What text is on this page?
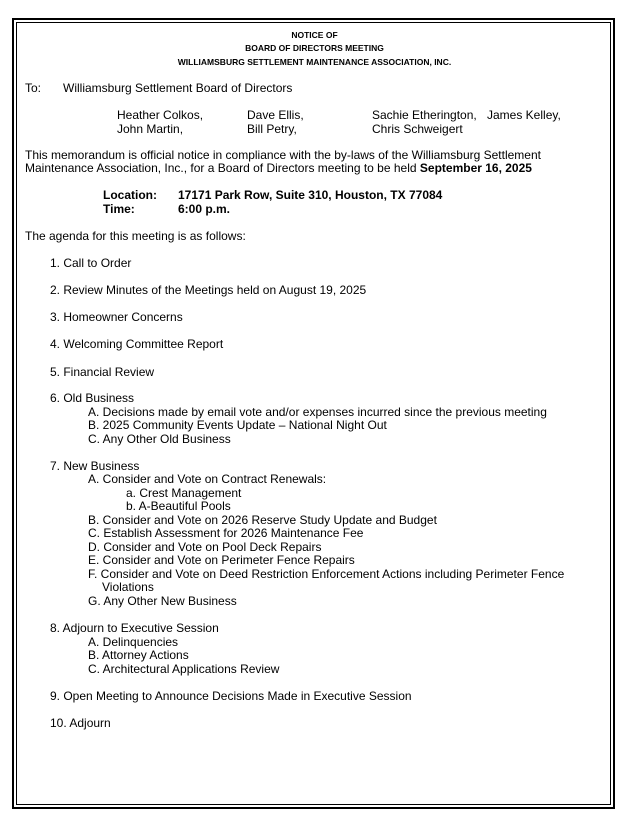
NOTICE OF
BOARD OF DIRECTORS MEETING
WILLIAMSBURG SETTLEMENT MAINTENANCE ASSOCIATION, INC.
To: Williamsburg Settlement Board of Directors
Heather Colkos,
John Martin,
Dave Ellis,
Bill Petry,
Sachie Etherington,
Chris Schweigert
James Kelley,
This memorandum is official notice in compliance with the by-laws of the Williamsburg Settlement
Maintenance Association, Inc., for a Board of Directors meeting to be held September 16, 2025
Location: 17171 Park Row, Suite 310, Houston, TX 77084
Time:	6:00 p.m.
The agenda for this meeting is as follows:
1. Call to Order
2. Review Minutes of the Meetings held on August 19, 2025
3. Homeowner Concerns
4. Welcoming Committee Report
5. Financial Review
6. Old Business
A. Decisions made by email vote and/or expenses incurred since the previous meeting
B. 2025 Community Events Update – National Night Out
C. Any Other Old Business
7. New Business
A. Consider and Vote on Contract Renewals:
a. Crest Management
b. A-Beautiful Pools
B. Consider and Vote on 2026 Reserve Study Update and Budget
C. Establish Assessment for 2026 Maintenance Fee
D. Consider and Vote on Pool Deck Repairs
E. Consider and Vote on Perimeter Fence Repairs
F. Consider and Vote on Deed Restriction Enforcement Actions including Perimeter Fence
Violations
G. Any Other New Business
8. Adjourn to Executive Session
A. Delinquencies
B. Attorney Actions
C. Architectural Applications Review
9. Open Meeting to Announce Decisions Made in Executive Session
10. Adjourn
